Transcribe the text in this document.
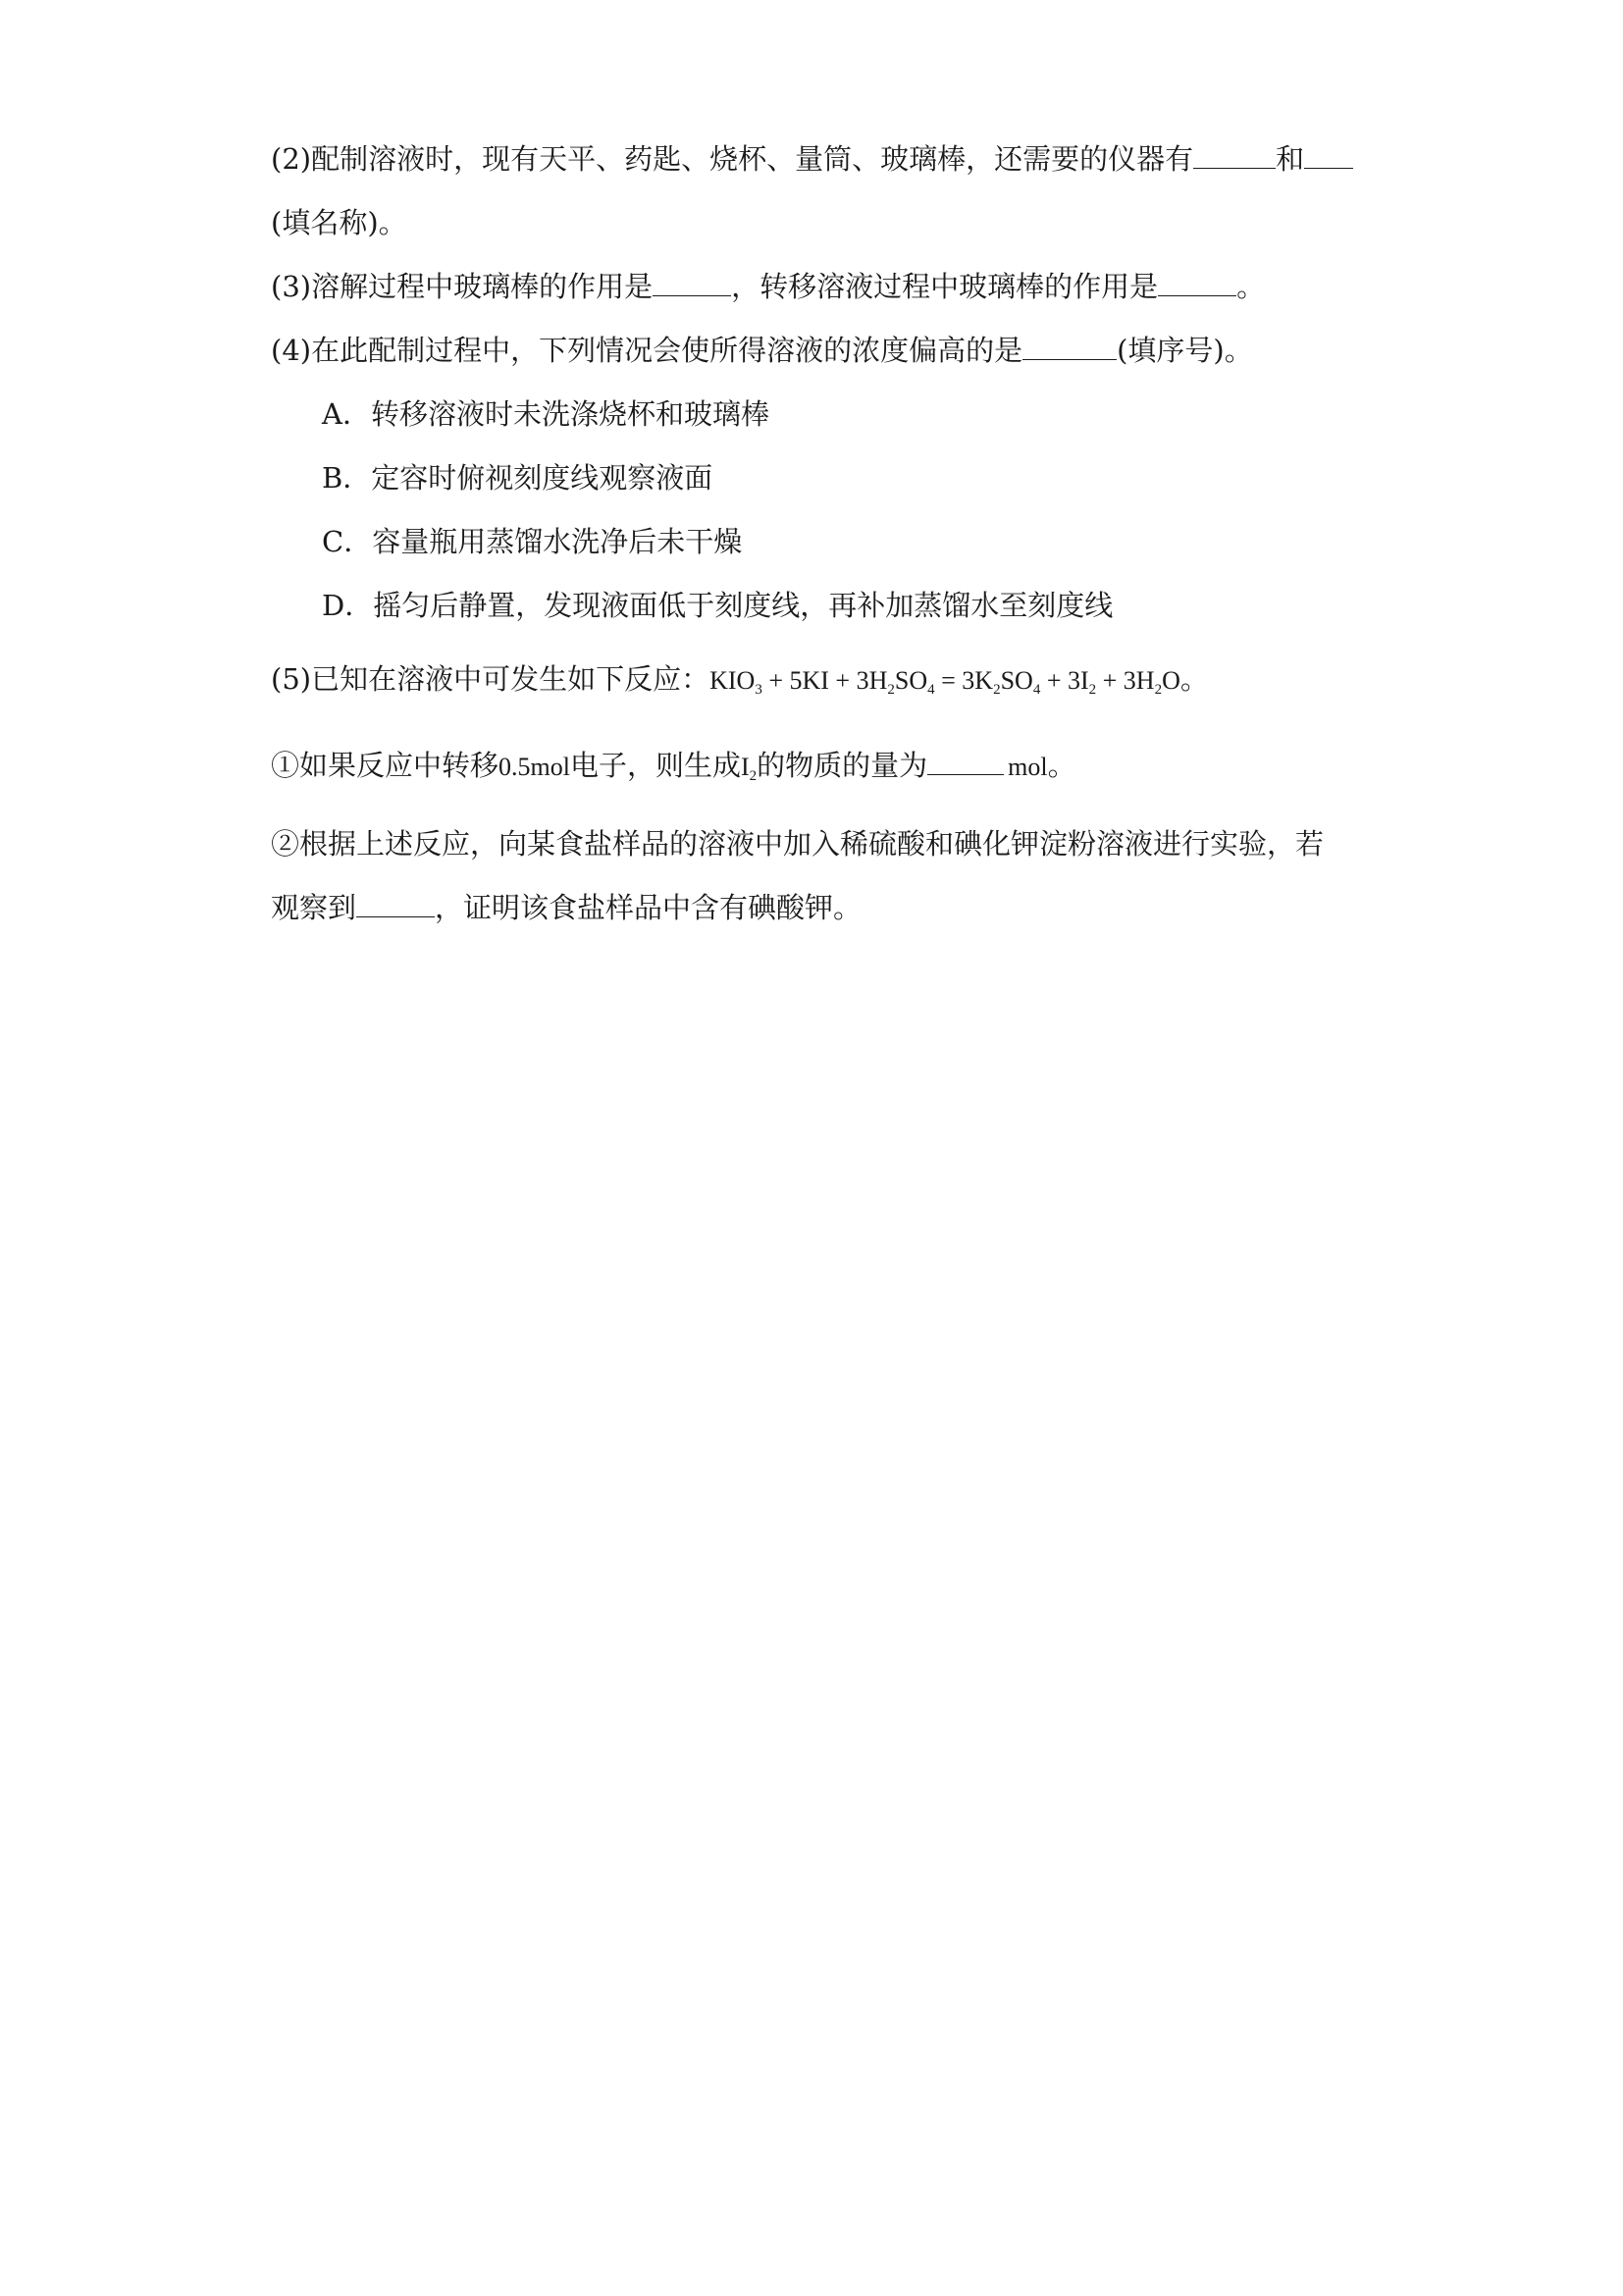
(2)配制溶液时，现有天平、药匙、烧杯、量筒、玻璃棒，还需要的仪器有	和
(填名称)。
(3)溶解过程中玻璃棒的作用是	，转移溶液过程中玻璃棒的作用是	。
(4)在此配制过程中，下列情况会使所得溶液的浓度偏高的是	(填序号)。
A．转移溶液时未洗涤烧杯和玻璃棒
B．定容时俯视刻度线观察液面
C．容量瓶用蒸馏水洗净后未干燥
D．摇匀后静置，发现液面低于刻度线，再补加蒸馏水至刻度线
(5)已知在溶液中可发生如下反应：$KIO_3 + 5KI + 3H_2SO_4 = 3K_2SO_4 + 3I_2 + 3H_2O$。
①如果反应中转移0.5mol电子，则生成$I_2$的物质的量为	mol。
②根据上述反应，向某食盐样品的溶液中加入稀硫酸和碘化钾淀粉溶液进行实验，若
观察到	，证明该食盐样品中含有碘酸钾。
